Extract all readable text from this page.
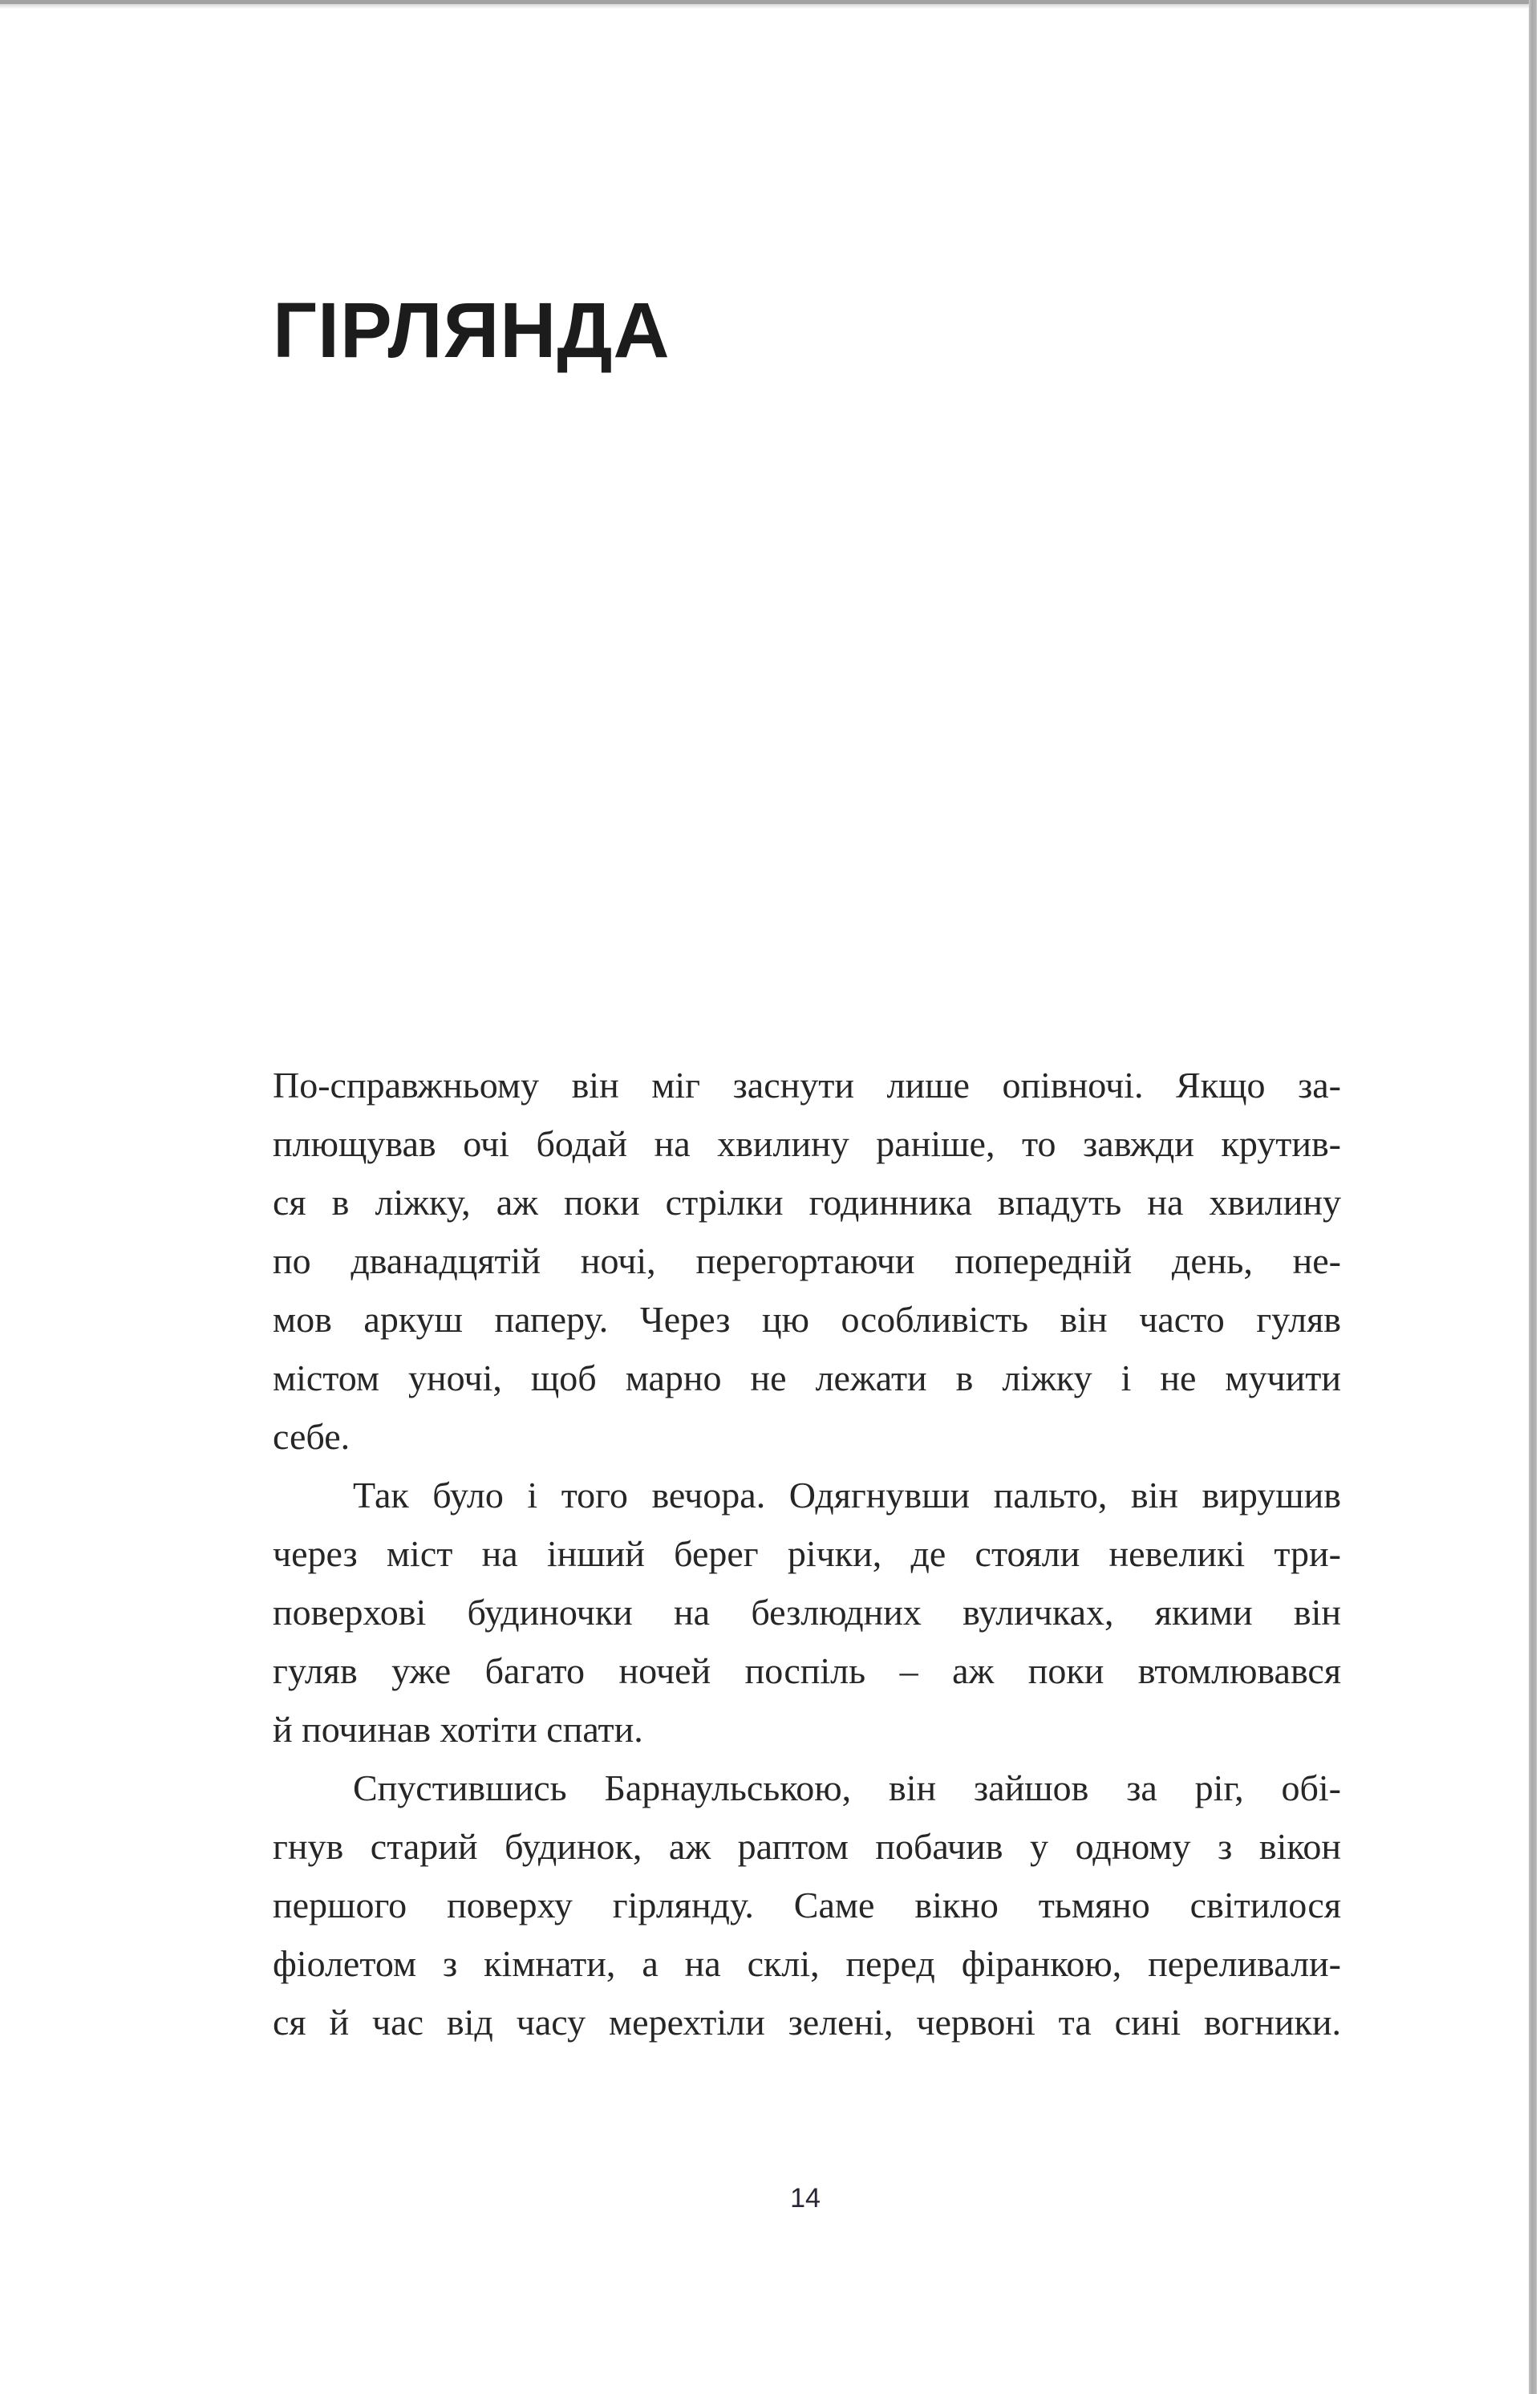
ГІРЛЯНДА
По-справжньому він міг заснути лише опівночі. Якщо за-
плющував очі бодай на хвилину раніше, то завжди крутив-
ся в ліжку, аж поки стрілки годинника впадуть на хвилину
по дванадцятій ночі, перегортаючи попередній день, не-
мов аркуш паперу. Через цю особливість він часто гуляв
містом уночі, щоб марно не лежати в ліжку і не мучити
себе.
Так було і того вечора. Одягнувши пальто, він вирушив
через міст на інший берег річки, де стояли невеликі три-
поверхові будиночки на безлюдних вуличках, якими він
гуляв уже багато ночей поспіль – аж поки втомлювався
й починав хотіти спати.
Спустившись Барнаульською, він зайшов за ріг, обі-
гнув старий будинок, аж раптом побачив у одному з вікон
першого поверху гірлянду. Саме вікно тьмяно світилося
фіолетом з кімнати, а на склі, перед фіранкою, переливали-
ся й час від часу мерехтіли зелені, червоні та сині вогники.
14
